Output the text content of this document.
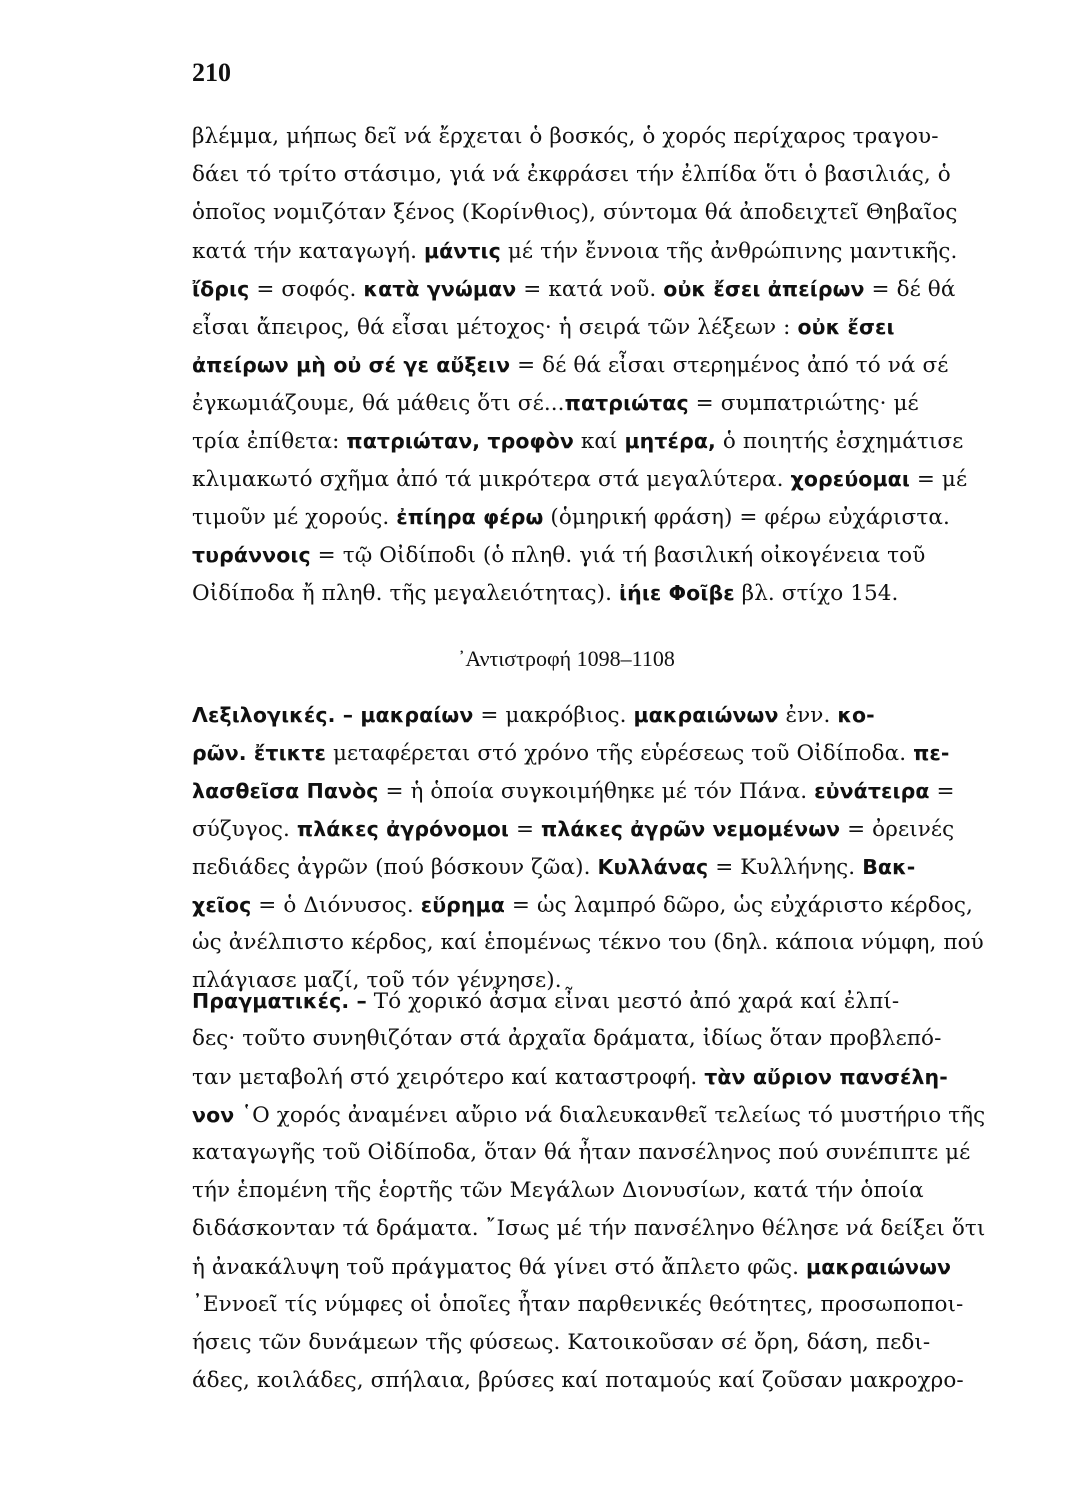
210
βλέμμα, μήπως δεῖ νά ἔρχεται ὁ βοσκός, ὁ χορός περίχαρος τραγου-
δάει τό τρίτο στάσιμο, γιά νά ἐκφράσει τήν ἐλπίδα ὅτι ὁ βασιλιάς, ὁ
ὁποῖος νομιζόταν ξένος (Κορίνθιος), σύντομα θά ἀποδειχτεῖ Θηβαῖος
κατά τήν καταγωγή. μάντις μέ τήν ἔννοια τῆς ἀνθρώπινης μαντικῆς.
ἴδρις = σοφός. κατὰ γνώμαν = κατά νοῦ. οὐκ ἔσει ἀπείρων = δέ θά
εἶσαι ἄπειρος, θά εἶσαι μέτοχος· ἡ σειρά τῶν λέξεων : οὐκ ἔσει
ἀπείρων μὴ οὐ σέ γε αὔξειν = δέ θά εἶσαι στερημένος ἀπό τό νά σέ
ἐγκωμιάζουμε, θά μάθεις ὅτι σέ...πατριώτας = συμπατριώτης· μέ
τρία ἐπίθετα: πατριώταν, τροφὸν καί μητέρα, ὁ ποιητής ἐσχημάτισε
κλιμακωτό σχῆμα ἀπό τά μικρότερα στά μεγαλύτερα. χορεύομαι = μέ
τιμοῦν μέ χορούς. ἐπίηρα φέρω (ὁμηρική φράση) = φέρω εὐχάριστα.
τυράννοις = τῷ Οἰδίποδι (ὁ πληθ. γιά τή βασιλική οἰκογένεια τοῦ
Οἰδίποδα ἤ πληθ. τῆς μεγαλειότητας). ἰήιε Φοῖβε βλ. στίχο 154.
᾽Αντιστροφή 1098–1108
Λεξιλογικές. – μακραίων = μακρόβιος. μακραιώνων ἐνν. κο-
ρῶν. ἔτικτε μεταφέρεται στό χρόνο τῆς εὑρέσεως τοῦ Οἰδίποδα. πε-
λασθεῖσα Πανὸς = ἡ ὁποία συγκοιμήθηκε μέ τόν Πάνα. εὐνάτειρα =
σύζυγος. πλάκες ἀγρόνομοι = πλάκες ἀγρῶν νεμομένων = ὀρεινές
πεδιάδες ἀγρῶν (πού βόσκουν ζῶα). Κυλλάνας = Κυλλήνης. Βακ-
χεῖος = ὁ Διόνυσος. εὕρημα = ὡς λαμπρό δῶρο, ὡς εὐχάριστο κέρδος,
ὡς ἀνέλπιστο κέρδος, καί ἑπομένως τέκνο του (δηλ. κάποια νύμφη, πού
πλάγιασε μαζί, τοῦ τόν γέννησε).
Πραγματικές. – Τό χορικό ἆσμα εἶναι μεστό ἀπό χαρά καί ἐλπί-
δες· τοῦτο συνηθιζόταν στά ἀρχαῖα δράματα, ἰδίως ὅταν προβλεπό-
ταν μεταβολή στό χειρότερο καί καταστροφή. τὰν αὔριον πανσέλη-
νον ῾Ο χορός ἀναμένει αὔριο νά διαλευκανθεῖ τελείως τό μυστήριο τῆς
καταγωγῆς τοῦ Οἰδίποδα, ὅταν θά ἦταν πανσέληνος πού συνέπιπτε μέ
τήν ἑπομένη τῆς ἑορτῆς τῶν Μεγάλων Διονυσίων, κατά τήν ὁποία
διδάσκονταν τά δράματα. ῎Ισως μέ τήν πανσέληνο θέλησε νά δείξει ὅτι
ἡ ἀνακάλυψη τοῦ πράγματος θά γίνει στό ἄπλετο φῶς. μακραιώνων
᾽Εννοεῖ τίς νύμφες οἱ ὁποῖες ἦταν παρθενικές θεότητες, προσωποποι-
ήσεις τῶν δυνάμεων τῆς φύσεως. Κατοικοῦσαν σέ ὄρη, δάση, πεδι-
άδες, κοιλάδες, σπήλαια, βρύσες καί ποταμούς καί ζοῦσαν μακροχρο-
